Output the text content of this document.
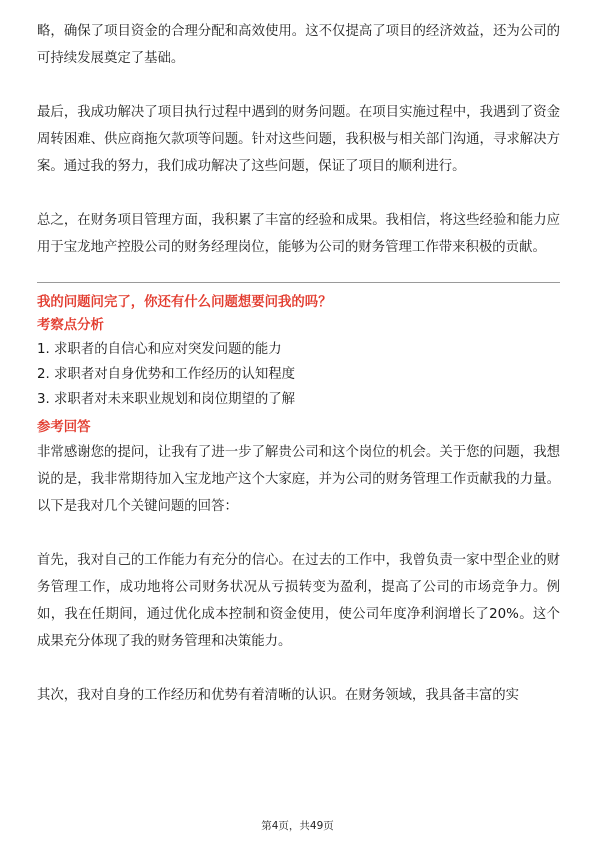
略，确保了项目资金的合理分配和高效使用。这不仅提高了项目的经济效益，还为公司的可持续发展奠定了基础。

最后，我成功解决了项目执行过程中遇到的财务问题。在项目实施过程中，我遇到了资金周转困难、供应商拖欠款项等问题。针对这些问题，我积极与相关部门沟通，寻求解决方案。通过我的努力，我们成功解决了这些问题，保证了项目的顺利进行。

总之，在财务项目管理方面，我积累了丰富的经验和成果。我相信，将这些经验和能力应用于宝龙地产控股公司的财务经理岗位，能够为公司的财务管理工作带来积极的贡献。

我的问题问完了，你还有什么问题想要问我的吗？

考察点分析

1. 求职者的自信心和应对突发问题的能力

2. 求职者对自身优势和工作经历的认知程度

3. 求职者对未来职业规划和岗位期望的了解

参考回答

非常感谢您的提问，让我有了进一步了解贵公司和这个岗位的机会。关于您的问题，我想说的是，我非常期待加入宝龙地产这个大家庭，并为公司的财务管理工作贡献我的力量。以下是我对几个关键问题的回答：

首先，我对自己的工作能力有充分的信心。在过去的工作中，我曾负责一家中型企业的财务管理工作，成功地将公司财务状况从亏损转变为盈利，提高了公司的市场竞争力。例如，我在任期间，通过优化成本控制和资金使用，使公司年度净利润增长了20%。这个成果充分体现了我的财务管理和决策能力。

其次，我对自身的工作经历和优势有着清晰的认识。在财务领域，我具备丰富的实

第4页，共49页
